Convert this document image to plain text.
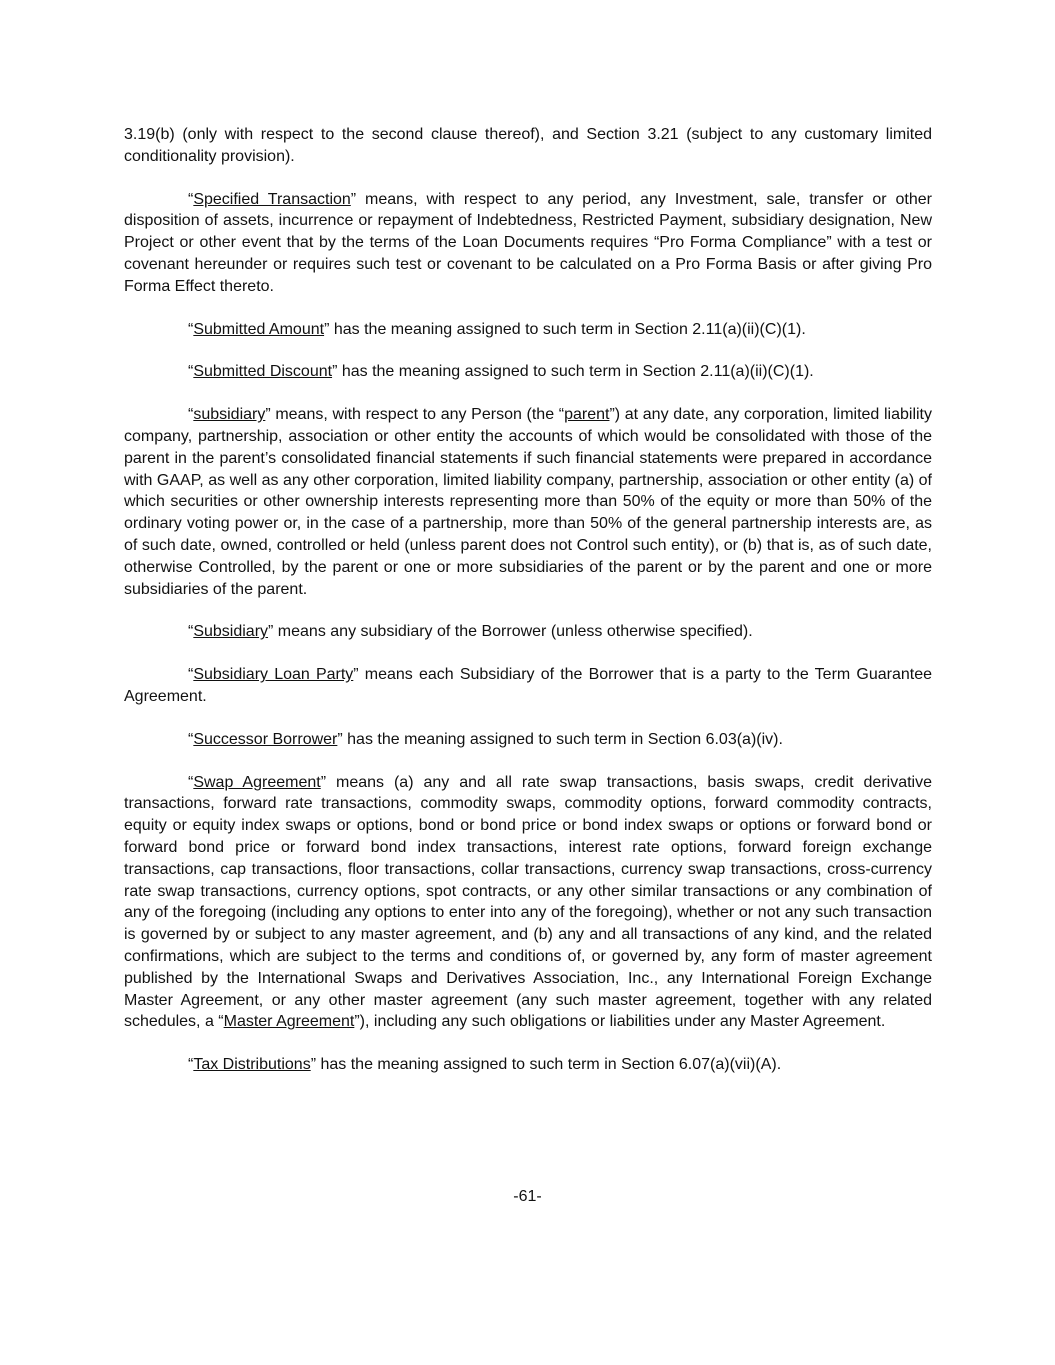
3.19(b) (only with respect to the second clause thereof), and Section 3.21 (subject to any customary limited conditionality provision).

“Specified Transaction” means, with respect to any period, any Investment, sale, transfer or other disposition of assets, incurrence or repayment of Indebtedness, Restricted Payment, subsidiary designation, New Project or other event that by the terms of the Loan Documents requires “Pro Forma Compliance” with a test or covenant hereunder or requires such test or covenant to be calculated on a Pro Forma Basis or after giving Pro Forma Effect thereto.

“Submitted Amount” has the meaning assigned to such term in Section 2.11(a)(ii)(C)(1).

“Submitted Discount” has the meaning assigned to such term in Section 2.11(a)(ii)(C)(1).

“subsidiary” means, with respect to any Person (the “parent”) at any date, any corporation, limited liability company, partnership, association or other entity the accounts of which would be consolidated with those of the parent in the parent’s consolidated financial statements if such financial statements were prepared in accordance with GAAP, as well as any other corporation, limited liability company, partnership, association or other entity (a) of which securities or other ownership interests representing more than 50% of the equity or more than 50% of the ordinary voting power or, in the case of a partnership, more than 50% of the general partnership interests are, as of such date, owned, controlled or held (unless parent does not Control such entity), or (b) that is, as of such date, otherwise Controlled, by the parent or one or more subsidiaries of the parent or by the parent and one or more subsidiaries of the parent.

“Subsidiary” means any subsidiary of the Borrower (unless otherwise specified).

“Subsidiary Loan Party” means each Subsidiary of the Borrower that is a party to the Term Guarantee Agreement.

“Successor Borrower” has the meaning assigned to such term in Section 6.03(a)(iv).

“Swap Agreement” means (a) any and all rate swap transactions, basis swaps, credit derivative transactions, forward rate transactions, commodity swaps, commodity options, forward commodity contracts, equity or equity index swaps or options, bond or bond price or bond index swaps or options or forward bond or forward bond price or forward bond index transactions, interest rate options, forward foreign exchange transactions, cap transactions, floor transactions, collar transactions, currency swap transactions, cross-currency rate swap transactions, currency options, spot contracts, or any other similar transactions or any combination of any of the foregoing (including any options to enter into any of the foregoing), whether or not any such transaction is governed by or subject to any master agreement, and (b) any and all transactions of any kind, and the related confirmations, which are subject to the terms and conditions of, or governed by, any form of master agreement published by the International Swaps and Derivatives Association, Inc., any International Foreign Exchange Master Agreement, or any other master agreement (any such master agreement, together with any related schedules, a “Master Agreement”), including any such obligations or liabilities under any Master Agreement.

“Tax Distributions” has the meaning assigned to such term in Section 6.07(a)(vii)(A).

-61-
